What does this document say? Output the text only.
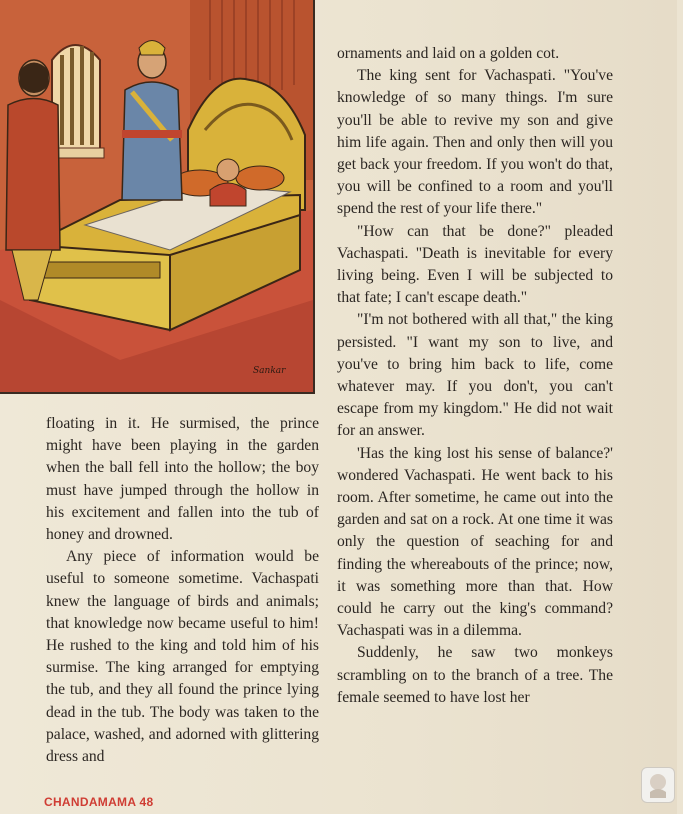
Sankar

floating in it. He surmised, the prince might have been playing in the garden when the ball fell into the hollow; the boy must have jumped through the hollow in his excitement and fallen into the tub of honey and drowned.

Any piece of information would be useful to someone sometime. Vachaspati knew the language of birds and animals; that knowledge now became useful to him! He rushed to the king and told him of his surmise. The king arranged for emptying the tub, and they all found the prince lying dead in the tub. The body was taken to the palace, washed, and adorned with glittering dress and

ornaments and laid on a golden cot.

The king sent for Vachaspati. "You've knowledge of so many things. I'm sure you'll be able to revive my son and give him life again. Then and only then will you get back your freedom. If you won't do that, you will be confined to a room and you'll spend the rest of your life there."

"How can that be done?" pleaded Vachaspati. "Death is inevitable for every living being. Even I will be subjected to that fate; I can't escape death."

"I'm not bothered with all that," the king persisted. "I want my son to live, and you've to bring him back to life, come whatever may. If you don't, you can't escape from my kingdom." He did not wait for an answer.

'Has the king lost his sense of balance?' wondered Vachaspati. He went back to his room. After sometime, he came out into the garden and sat on a rock. At one time it was only the question of seaching for and finding the whereabouts of the prince; now, it was something more than that. How could he carry out the king's command? Vachaspati was in a dilemma.

Suddenly, he saw two monkeys scrambling on to the branch of a tree. The female seemed to have lost her

CHANDAMAMA 48
